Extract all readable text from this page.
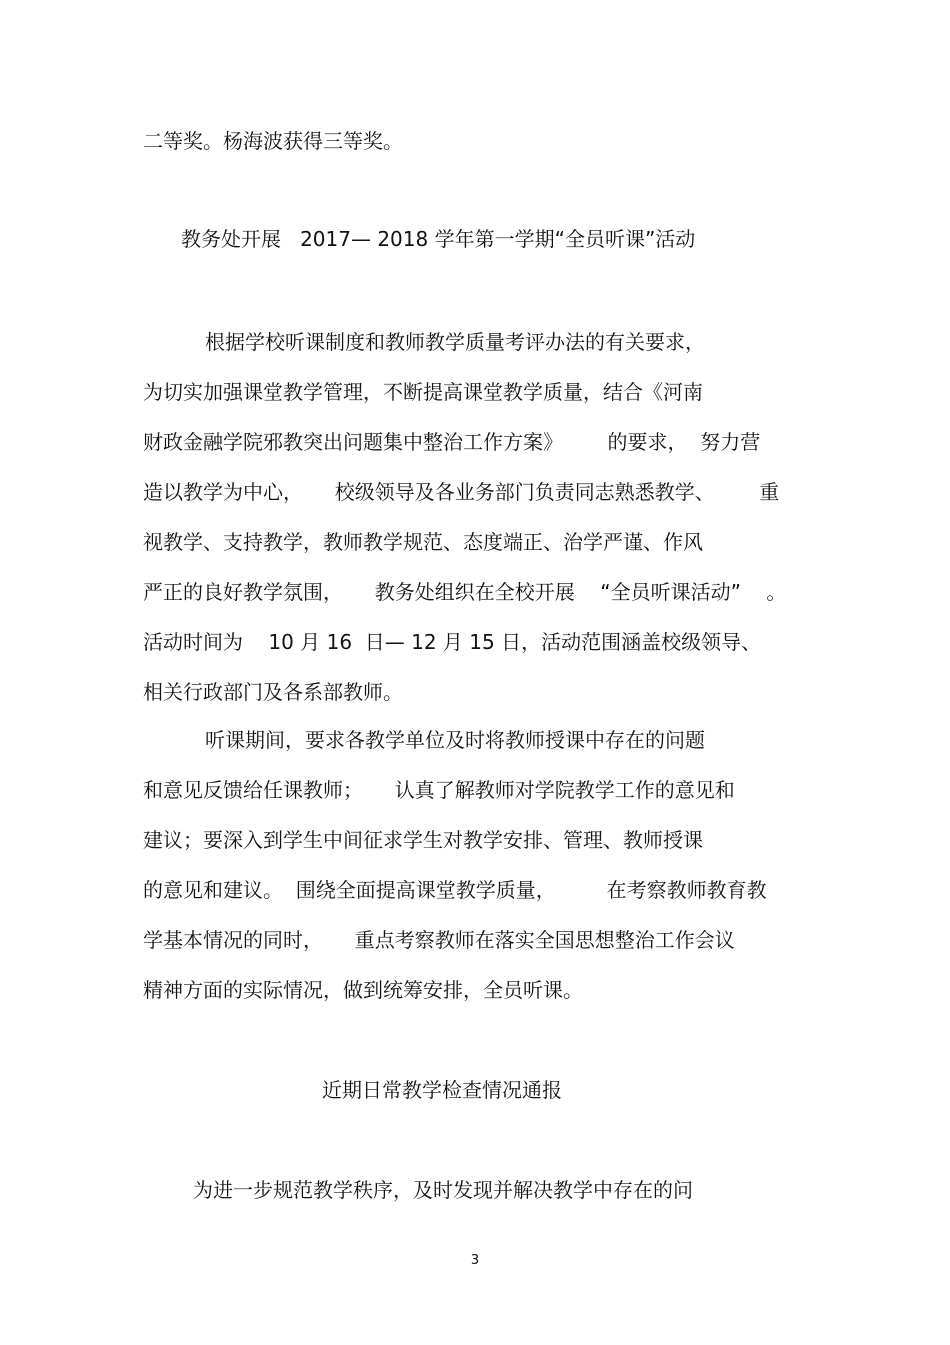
二等奖。杨海波获得三等奖。

教务处开展   2017— 2018 学年第一学期“全员听课”活动

根据学校听课制度和教师教学质量考评办法的有关要求，

为切实加强课堂教学管理，不断提高课堂教学质量，结合《河南

财政金融学院邪教突出问题集中整治工作方案》       的要求，  努力营

造以教学为中心，     校级领导及各业务部门负责同志熟悉教学、       重

视教学、支持教学，教师教学规范、态度端正、治学严谨、作风

严正的良好教学氛围，     教务处组织在全校开展    “全员听课活动”    。

活动时间为    10 月 16  日— 12 月 15 日，活动范围涵盖校级领导、

相关行政部门及各系部教师。

听课期间，要求各教学单位及时将教师授课中存在的问题

和意见反馈给任课教师；     认真了解教师对学院教学工作的意见和

建议；要深入到学生中间征求学生对教学安排、管理、教师授课

的意见和建议。  围绕全面提高课堂教学质量，        在考察教师教育教

学基本情况的同时，     重点考察教师在落实全国思想整治工作会议

精神方面的实际情况，做到统筹安排，全员听课。

近期日常教学检查情况通报

为进一步规范教学秩序，及时发现并解决教学中存在的问

3
